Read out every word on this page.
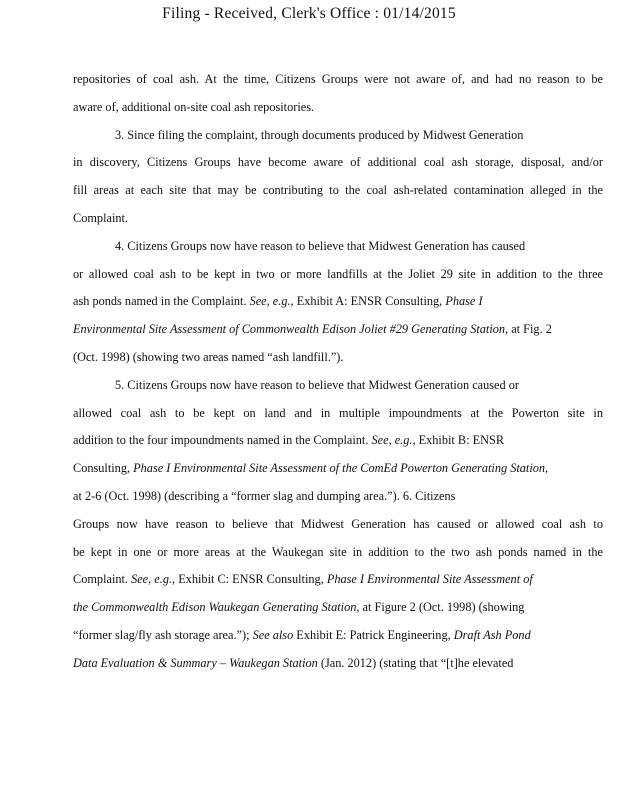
Filing - Received, Clerk's Office : 01/14/2015
repositories of coal ash. At the time, Citizens Groups were not aware of, and had no reason to be
aware of, additional on-site coal ash repositories.
3. Since filing the complaint, through documents produced by Midwest Generation
in discovery, Citizens Groups have become aware of additional coal ash storage, disposal, and/or
fill areas at each site that may be contributing to the coal ash-related contamination alleged in the
Complaint.
4. Citizens Groups now have reason to believe that Midwest Generation has caused
or allowed coal ash to be kept in two or more landfills at the Joliet 29 site in addition to the three
ash ponds named in the Complaint. See, e.g., Exhibit A: ENSR Consulting, Phase I
Environmental Site Assessment of Commonwealth Edison Joliet #29 Generating Station, at Fig. 2
(Oct. 1998) (showing two areas named “ash landfill.”).
5. Citizens Groups now have reason to believe that Midwest Generation caused or
allowed coal ash to be kept on land and in multiple impoundments at the Powerton site in
addition to the four impoundments named in the Complaint. See, e.g., Exhibit B: ENSR
Consulting, Phase I Environmental Site Assessment of the ComEd Powerton Generating Station,
at 2-6 (Oct. 1998) (describing a “former slag and dumping area.”). 6. Citizens
Groups now have reason to believe that Midwest Generation has caused or allowed coal ash to
be kept in one or more areas at the Waukegan site in addition to the two ash ponds named in the
Complaint. See, e.g., Exhibit C: ENSR Consulting, Phase I Environmental Site Assessment of
the Commonwealth Edison Waukegan Generating Station, at Figure 2 (Oct. 1998) (showing
“former slag/fly ash storage area.”); See also Exhibit E: Patrick Engineering, Draft Ash Pond
Data Evaluation & Summary – Waukegan Station (Jan. 2012) (stating that “[t]he elevated
